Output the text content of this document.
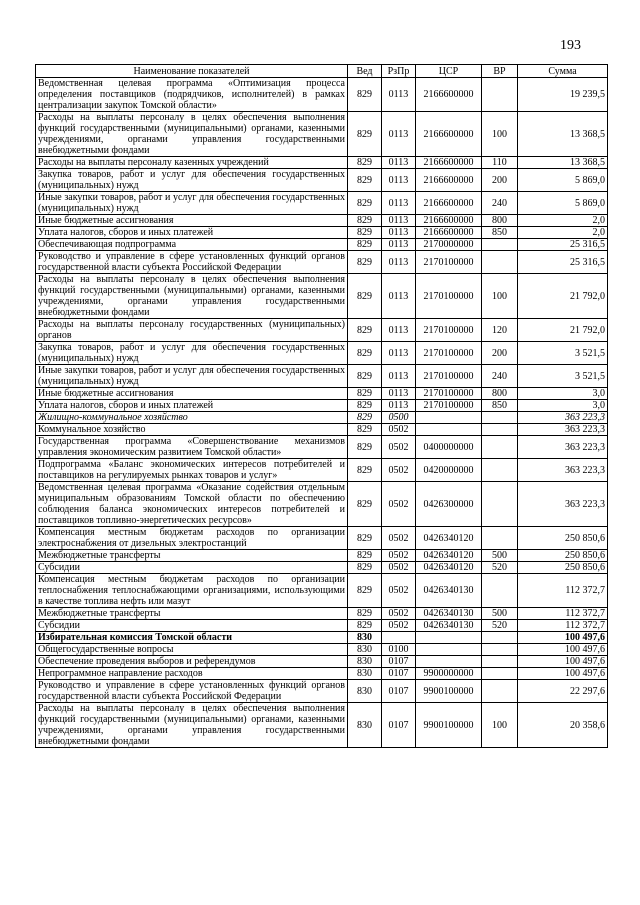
193
Наименование показателей	Вед	РзПр	ЦСР	ВР	Сумма
Ведомственная целевая программа «Оптимизация процесса определения поставщиков (подрядчиков, исполнителей) в рамках централизации закупок Томской области»	829	0113	2166600000		19 239,5
Расходы на выплаты персоналу в целях обеспечения выполнения функций государственными (муниципальными) органами, казенными учреждениями, органами управления государственными внебюджетными фондами	829	0113	2166600000	100	13 368,5
Расходы на выплаты персоналу казенных учреждений	829	0113	2166600000	110	13 368,5
Закупка товаров, работ и услуг для обеспечения государственных (муниципальных) нужд	829	0113	2166600000	200	5 869,0
Иные закупки товаров, работ и услуг для обеспечения государственных (муниципальных) нужд	829	0113	2166600000	240	5 869,0
Иные бюджетные ассигнования	829	0113	2166600000	800	2,0
Уплата налогов, сборов и иных платежей	829	0113	2166600000	850	2,0
Обеспечивающая подпрограмма	829	0113	2170000000		25 316,5
Руководство и управление в сфере установленных функций органов государственной власти субъекта Российской Федерации	829	0113	2170100000		25 316,5
Расходы на выплаты персоналу в целях обеспечения выполнения функций государственными (муниципальными) органами, казенными учреждениями, органами управления государственными внебюджетными фондами	829	0113	2170100000	100	21 792,0
Расходы на выплаты персоналу государственных (муниципальных) органов	829	0113	2170100000	120	21 792,0
Закупка товаров, работ и услуг для обеспечения государственных (муниципальных) нужд	829	0113	2170100000	200	3 521,5
Иные закупки товаров, работ и услуг для обеспечения государственных (муниципальных) нужд	829	0113	2170100000	240	3 521,5
Иные бюджетные ассигнования	829	0113	2170100000	800	3,0
Уплата налогов, сборов и иных платежей	829	0113	2170100000	850	3,0
Жилищно-коммунальное хозяйство	829	0500			363 223,3
Коммунальное хозяйство	829	0502			363 223,3
Государственная программа «Совершенствование механизмов управления экономическим развитием Томской области»	829	0502	0400000000		363 223,3
Подпрограмма «Баланс экономических интересов потребителей и поставщиков на регулируемых рынках товаров и услуг»	829	0502	0420000000		363 223,3
Ведомственная целевая программа «Оказание содействия отдельным муниципальным образованиям Томской области по обеспечению соблюдения баланса экономических интересов потребителей и поставщиков топливно-энергетических ресурсов»	829	0502	0426300000		363 223,3
Компенсация местным бюджетам расходов по организации электроснабжения от дизельных электростанций	829	0502	0426340120		250 850,6
Межбюджетные трансферты	829	0502	0426340120	500	250 850,6
Субсидии	829	0502	0426340120	520	250 850,6
Компенсация местным бюджетам расходов по организации теплоснабжения теплоснабжающими организациями, использующими в качестве топлива нефть или мазут	829	0502	0426340130		112 372,7
Межбюджетные трансферты	829	0502	0426340130	500	112 372,7
Субсидии	829	0502	0426340130	520	112 372,7
Избирательная комиссия Томской области	830				100 497,6
Общегосударственные вопросы	830	0100			100 497,6
Обеспечение проведения выборов и референдумов	830	0107			100 497,6
Непрограммное направление расходов	830	0107	9900000000		100 497,6
Руководство и управление в сфере установленных функций органов государственной власти субъекта Российской Федерации	830	0107	9900100000		22 297,6
Расходы на выплаты персоналу в целях обеспечения выполнения функций государственными (муниципальными) органами, казенными учреждениями, органами управления государственными внебюджетными фондами	830	0107	9900100000	100	20 358,6
